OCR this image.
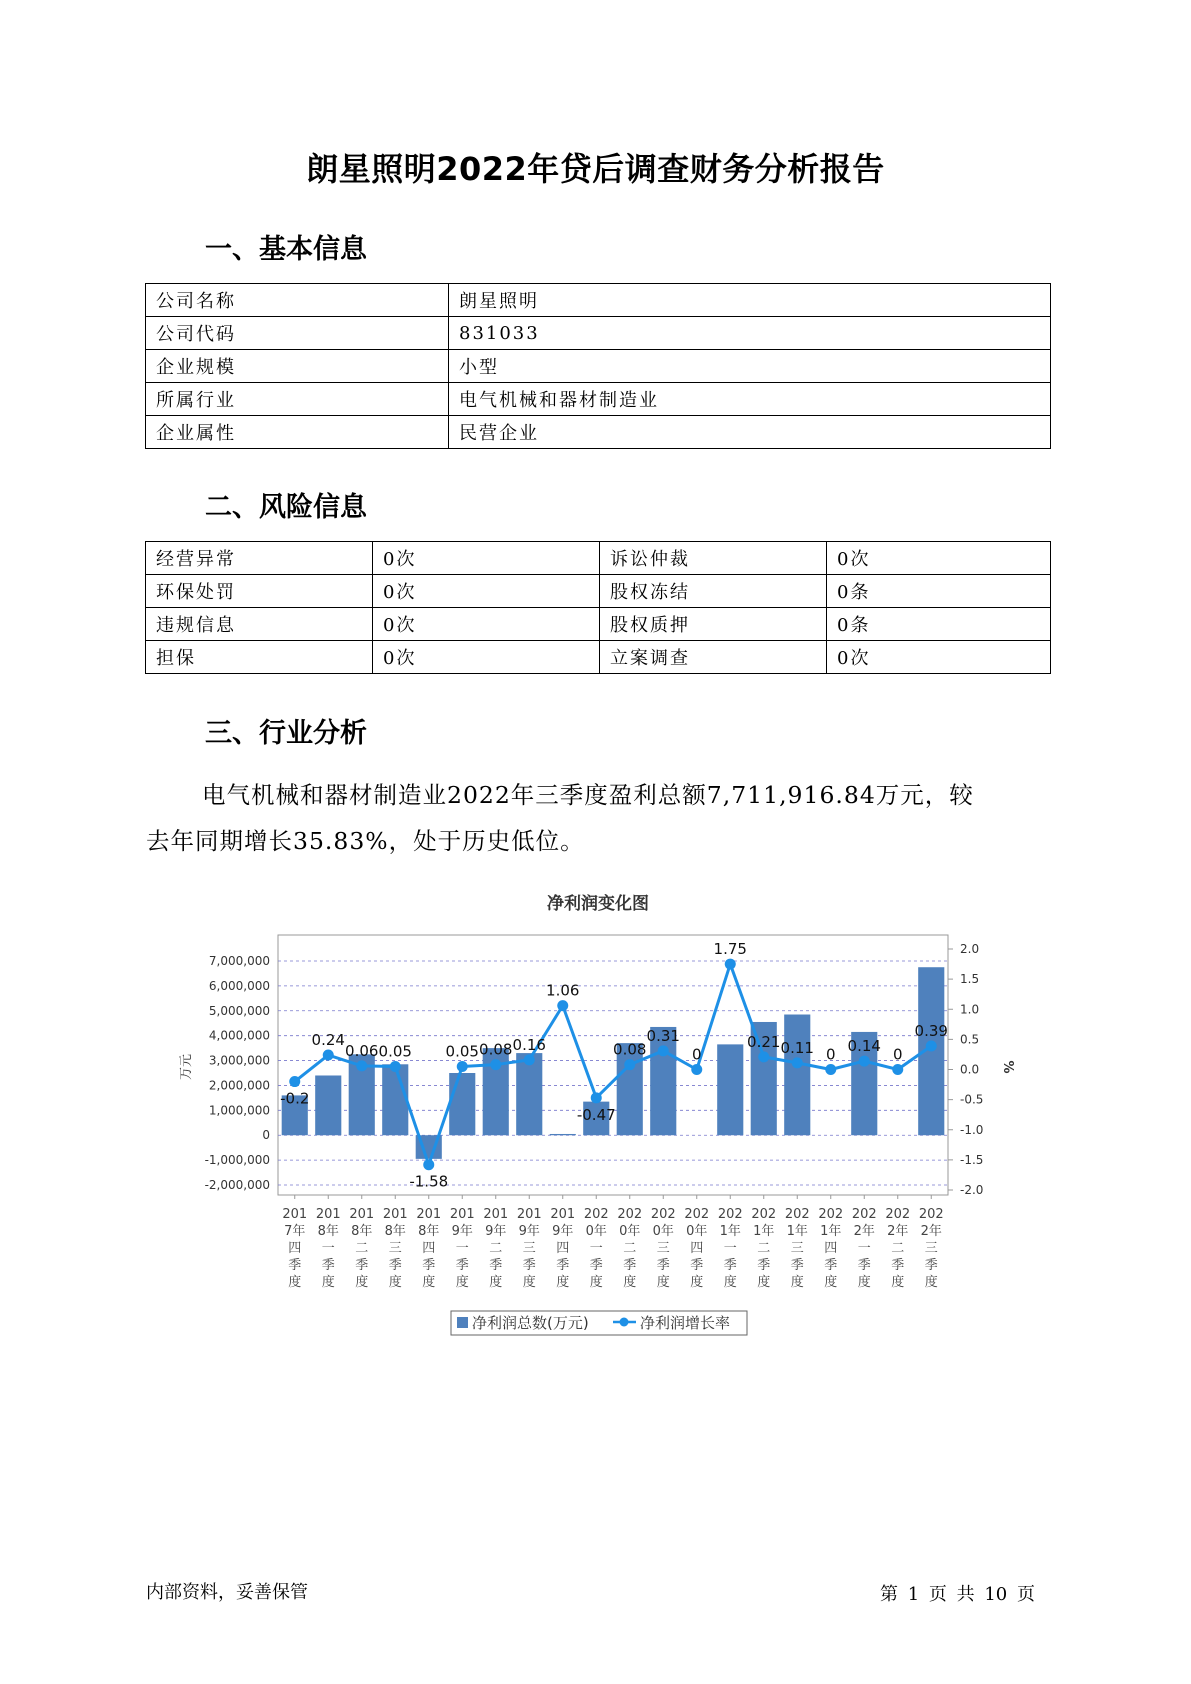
朗星照明2022年贷后调查财务分析报告
一、基本信息
公司名称	朗星照明
公司代码	831033
企业规模	小型
所属行业	电气机械和器材制造业
企业属性	民营企业
二、风险信息
经营异常	0次	诉讼仲裁	0次
环保处罚	0次	股权冻结	0条
违规信息	0次	股权质押	0条
担保	0次	立案调查	0次
三、行业分析
电气机械和器材制造业2022年三季度盈利总额7,711,916.84万元，较
去年同期增长35.83%，处于历史低位。
净利润变化图
7,000,000
6,000,000
5,000,000
4,000,000
3,000,000
2,000,000
1,000,000
0
-1,000,000
-2,000,000
2.0
1.5
1.0
0.5
0.0
-0.5
-1.0
-1.5
-2.0
-0.2
0.24
0.06 0.05
-1.58
0.05 0.08 0.16
1.06
-0.47
0.08
0.31
0
1.75
0.21 0.11 0 0.14 0
0.39
201
7年
四
季
度
201
8年
一
季
度
201
8年
二
季
度
201
8年
三
季
度
201
8年
四
季
度
201
9年
一
季
度
201
9年
二
季
度
201
9年
三
季
度
201
9年
四
季
度
202
0年
一
季
度
202
0年
二
季
度
202
0年
三
季
度
202
0年
四
季
度
202
1年
一
季
度
202
1年
二
季
度
202
1年
三
季
度
202
1年
四
季
度
202
2年
一
季
度
202
2年
二
季
度
202
2年
三
季
度
万元	%
净利润总数(万元)	净利润增长率
内部资料，妥善保管	第 1 页 共 10 页
